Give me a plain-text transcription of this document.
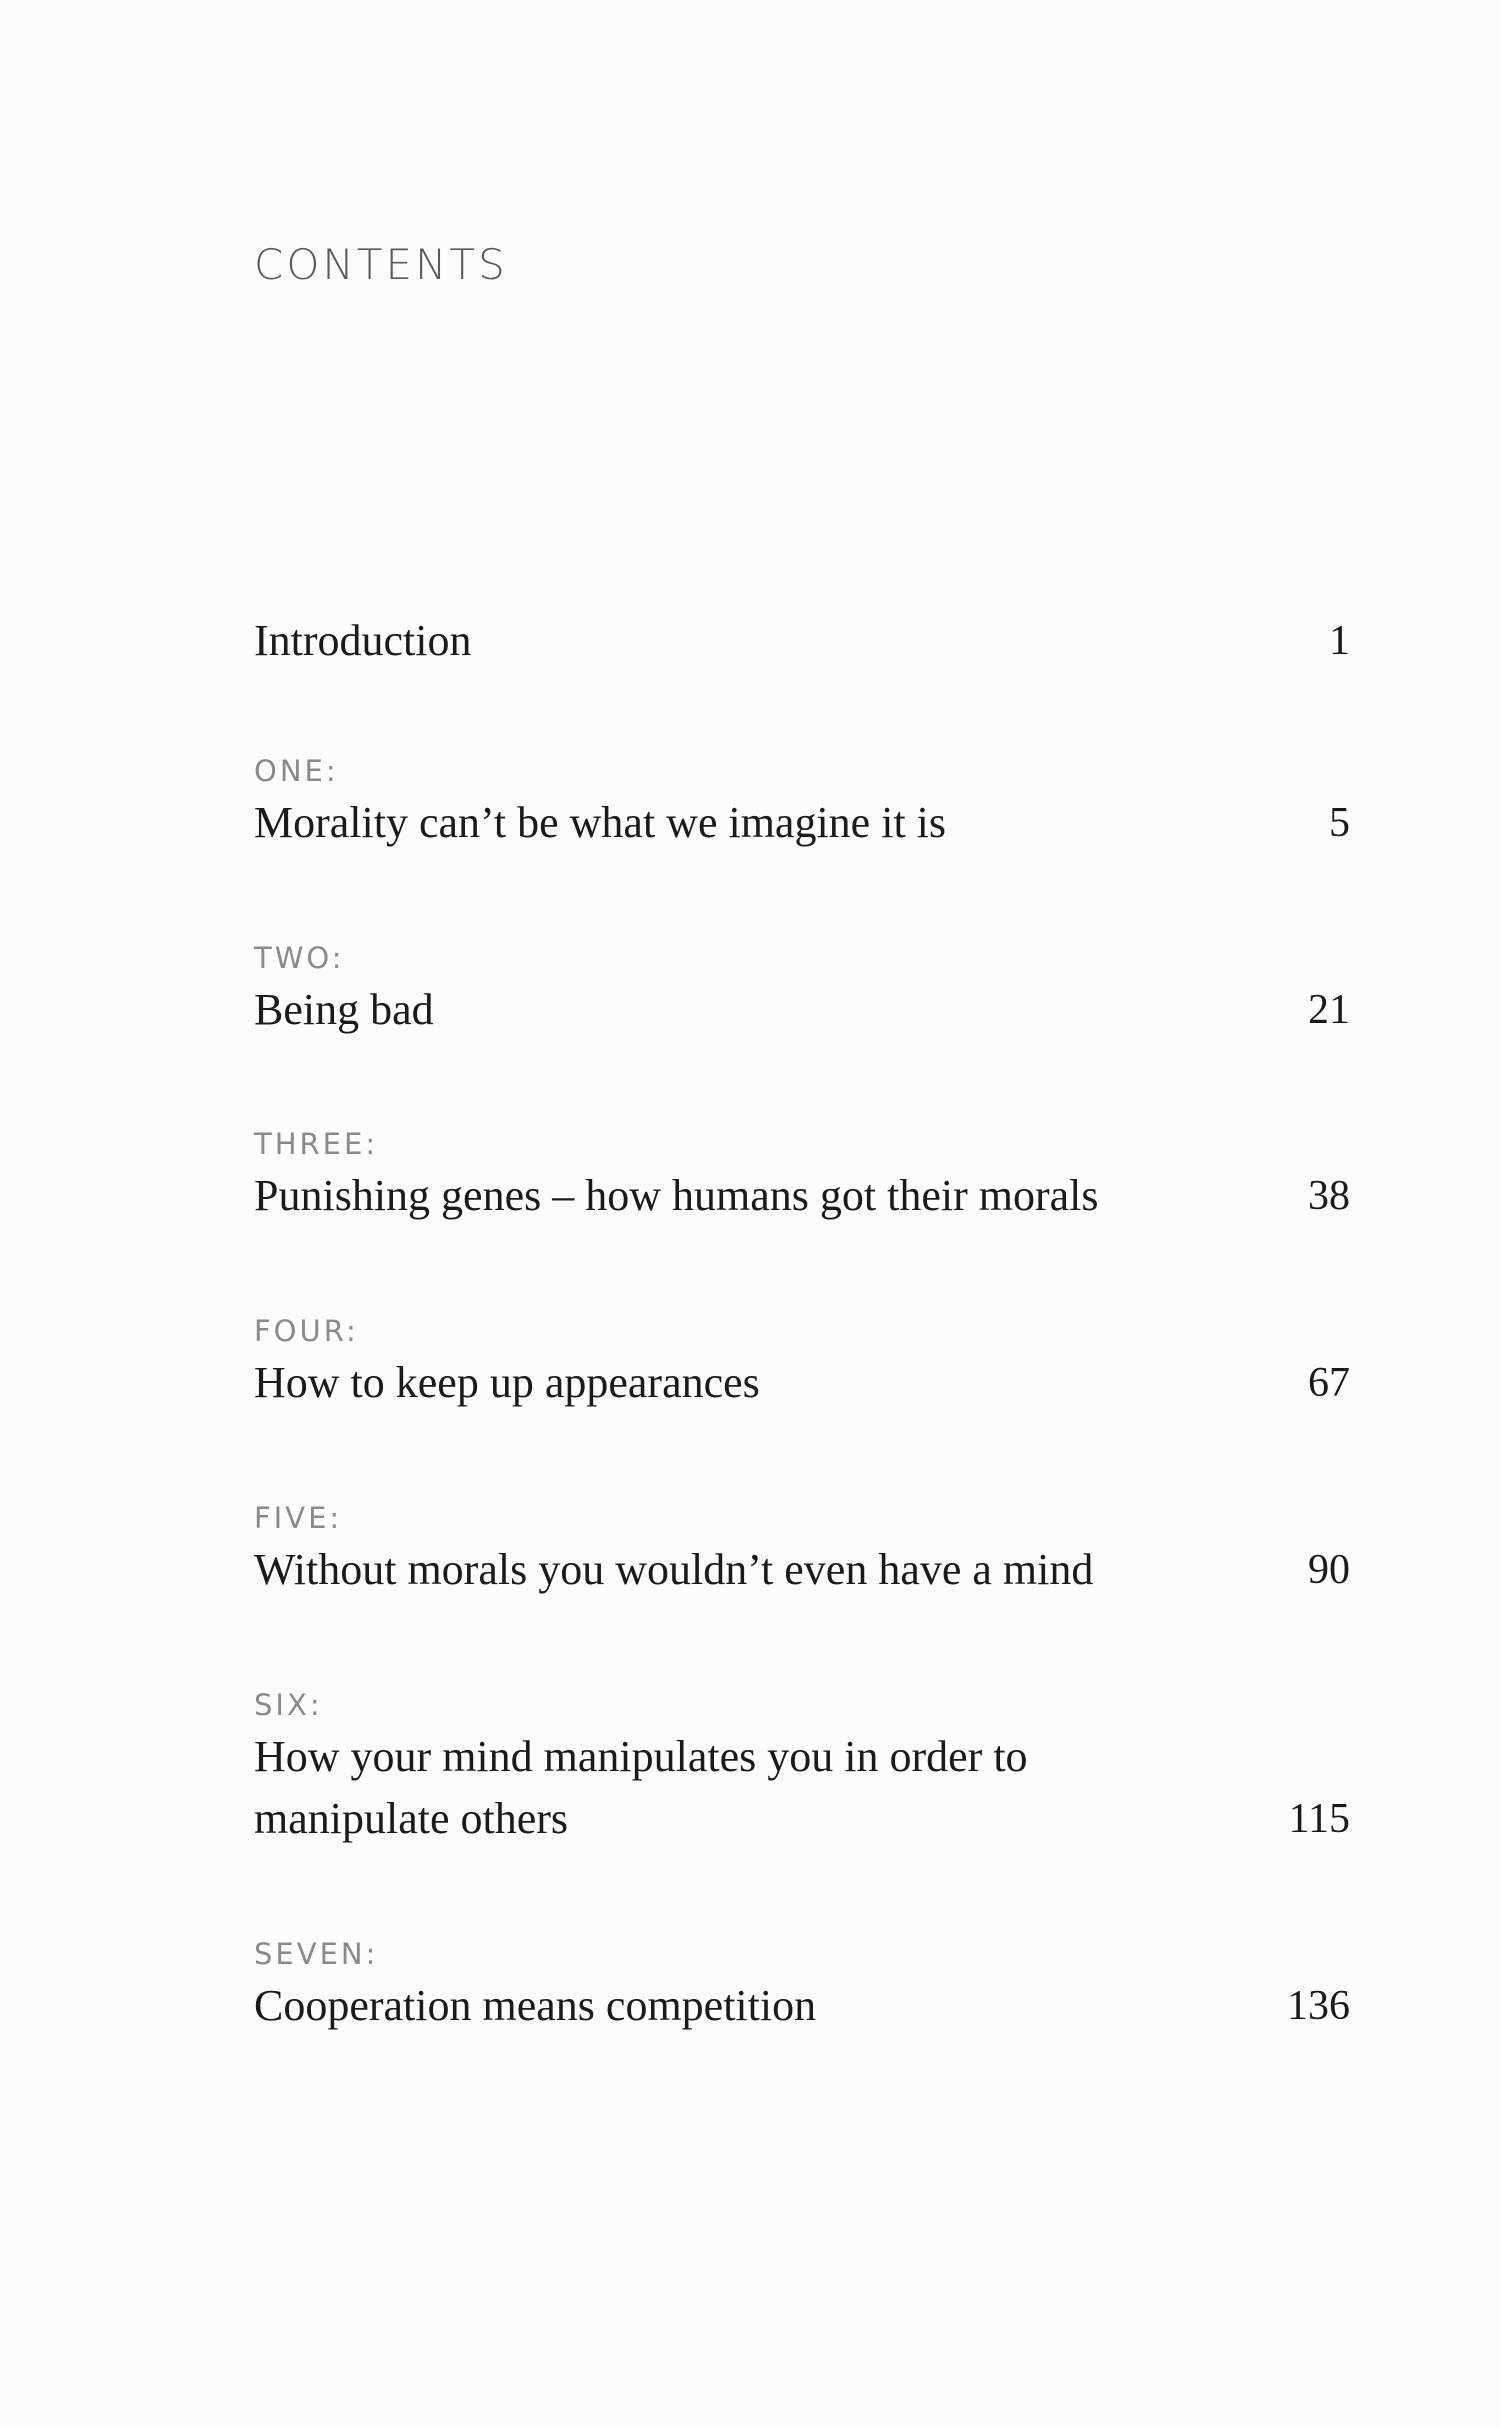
CONTENTS
Introduction	1
ONE:
Morality can’t be what we imagine it is	5
TWO:
Being bad	21
THREE:
Punishing genes – how humans got their morals	38
FOUR:
How to keep up appearances	67
FIVE:
Without morals you wouldn’t even have a mind	90
SIX:
How your mind manipulates you in order to manipulate others	115
SEVEN:
Cooperation means competition	136
